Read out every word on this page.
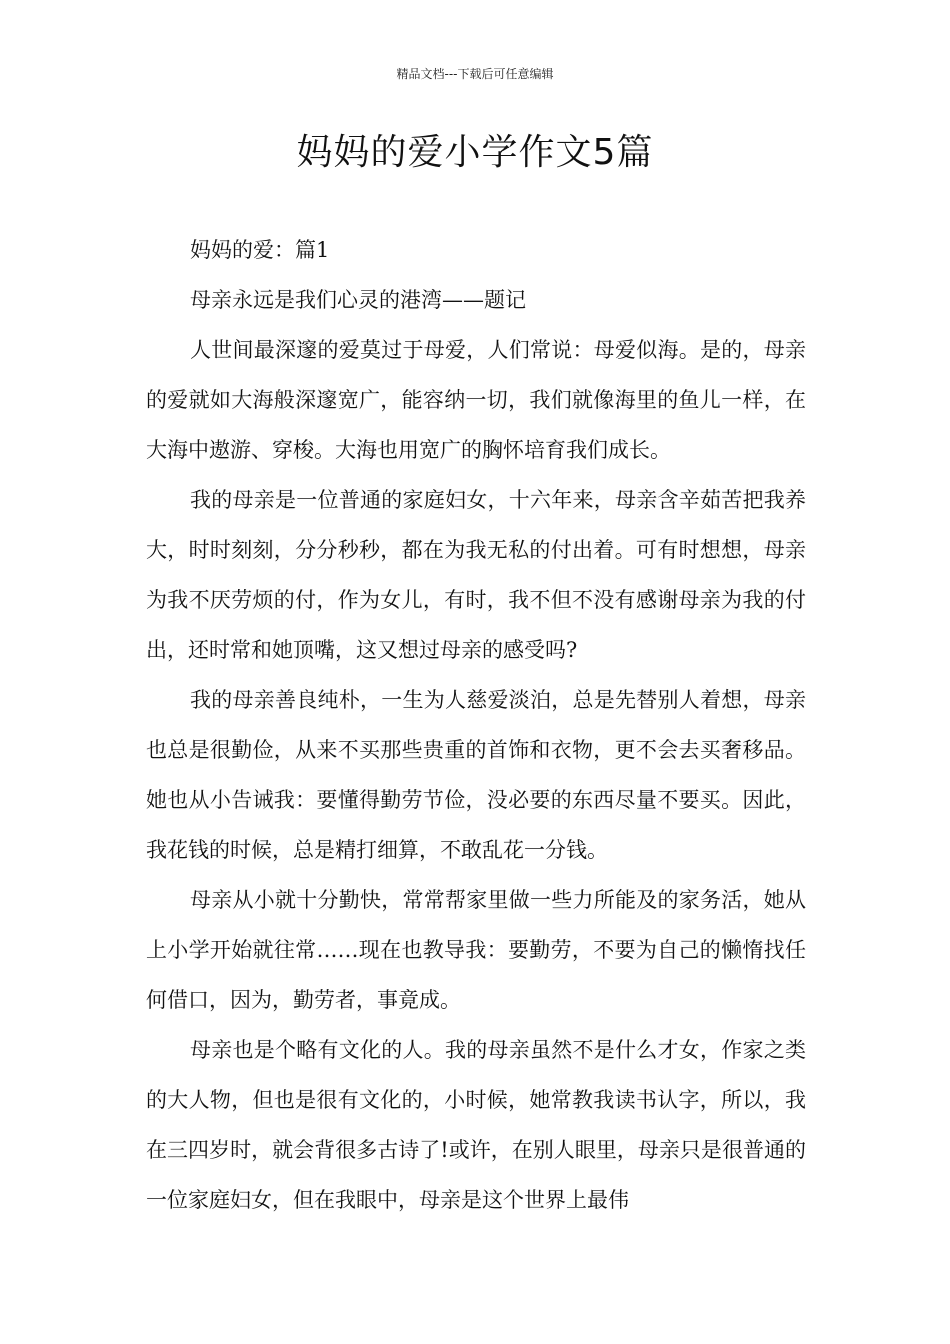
精品文档---下载后可任意编辑
妈妈的爱小学作文5篇

妈妈的爱：篇1

母亲永远是我们心灵的港湾——题记

人世间最深邃的爱莫过于母爱，人们常说：母爱似海。是的，母亲的爱就如大海般深邃宽广，能容纳一切，我们就像海里的鱼儿一样，在大海中遨游、穿梭。大海也用宽广的胸怀培育我们成长。

我的母亲是一位普通的家庭妇女，十六年来，母亲含辛茹苦把我养大，时时刻刻，分分秒秒，都在为我无私的付出着。可有时想想，母亲为我不厌劳烦的付，作为女儿，有时，我不但不没有感谢母亲为我的付出，还时常和她顶嘴，这又想过母亲的感受吗?

我的母亲善良纯朴，一生为人慈爱淡泊，总是先替别人着想，母亲也总是很勤俭，从来不买那些贵重的首饰和衣物，更不会去买奢移品。她也从小告诫我：要懂得勤劳节俭，没必要的东西尽量不要买。因此，我花钱的时候，总是精打细算，不敢乱花一分钱。

母亲从小就十分勤快，常常帮家里做一些力所能及的家务活，她从上小学开始就往常……现在也教导我：要勤劳，不要为自己的懒惰找任何借口，因为，勤劳者，事竟成。

母亲也是个略有文化的人。我的母亲虽然不是什么才女，作家之类的大人物，但也是很有文化的，小时候，她常教我读书认字，所以，我在三四岁时，就会背很多古诗了!或许，在别人眼里，母亲只是很普通的一位家庭妇女，但在我眼中，母亲是这个世界上最伟
